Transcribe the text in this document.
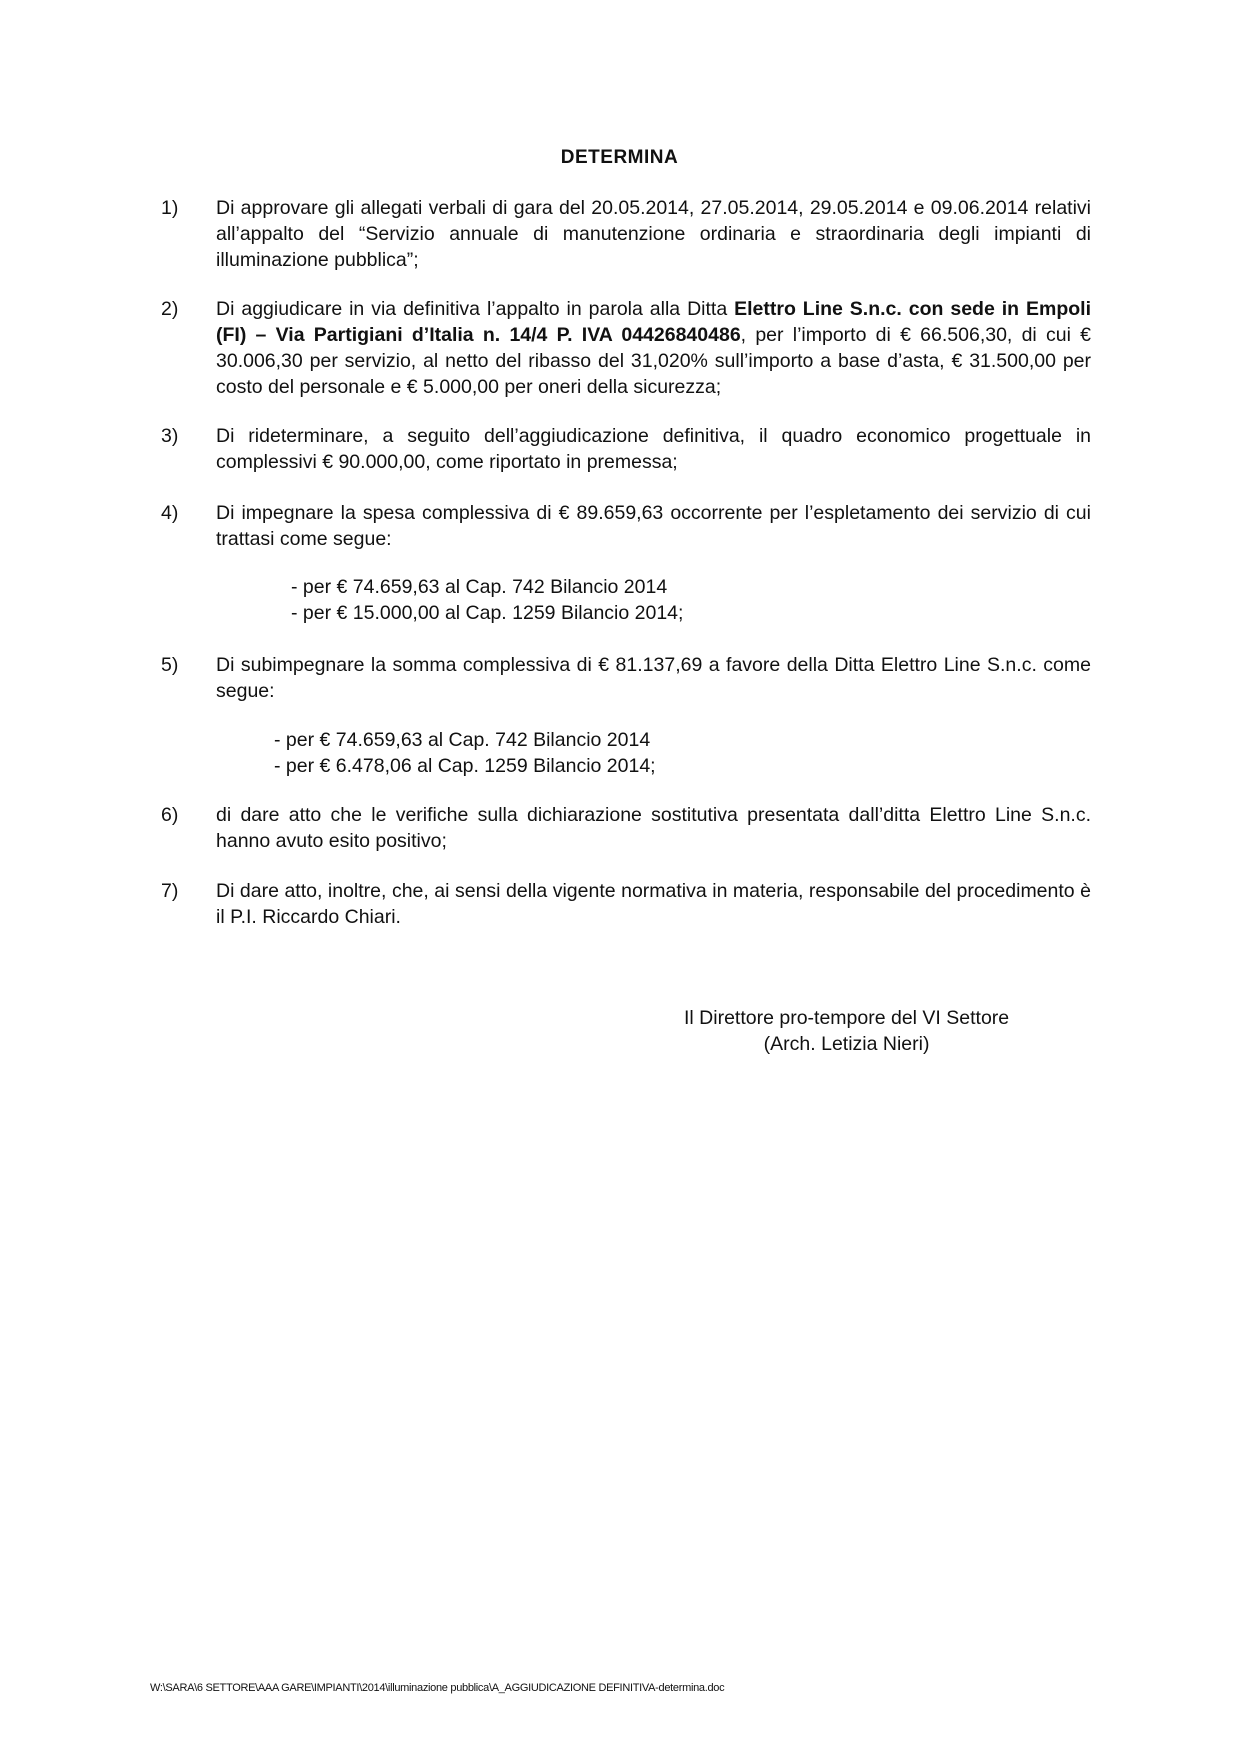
DETERMINA
1) Di approvare gli allegati verbali di gara del 20.05.2014, 27.05.2014, 29.05.2014 e 09.06.2014 relativi all’appalto del “Servizio annuale di manutenzione ordinaria e straordinaria degli impianti di illuminazione pubblica”;
2) Di aggiudicare in via definitiva l’appalto in parola alla Ditta Elettro Line S.n.c. con sede in Empoli (FI) – Via Partigiani d’Italia n. 14/4 P. IVA 04426840486, per l’importo di € 66.506,30, di cui € 30.006,30 per servizio, al netto del ribasso del 31,020% sull’importo a base d’asta, € 31.500,00 per costo del personale e € 5.000,00 per oneri della sicurezza;
3) Di rideterminare, a seguito dell’aggiudicazione definitiva, il quadro economico progettuale in complessivi € 90.000,00, come riportato in premessa;
4) Di impegnare la spesa complessiva di € 89.659,63 occorrente per l’espletamento dei servizio di cui trattasi come segue:
- per € 74.659,63 al Cap. 742 Bilancio 2014
- per € 15.000,00 al Cap. 1259 Bilancio 2014;
5) Di subimpegnare la somma complessiva di € 81.137,69 a favore della Ditta Elettro Line S.n.c. come segue:
- per € 74.659,63 al Cap. 742 Bilancio 2014
- per € 6.478,06 al Cap. 1259 Bilancio 2014;
6) di dare atto che le verifiche sulla dichiarazione sostitutiva presentata dall’ditta Elettro Line S.n.c. hanno avuto esito positivo;
7) Di dare atto, inoltre, che, ai sensi della vigente normativa in materia, responsabile del procedimento è il P.I. Riccardo Chiari.
Il Direttore pro-tempore del VI Settore
(Arch. Letizia Nieri)
W:\SARA\6 SETTORE\AAA GARE\IMPIANTI\2014\illuminazione pubblica\A_AGGIUDICAZIONE DEFINITIVA-determina.doc
